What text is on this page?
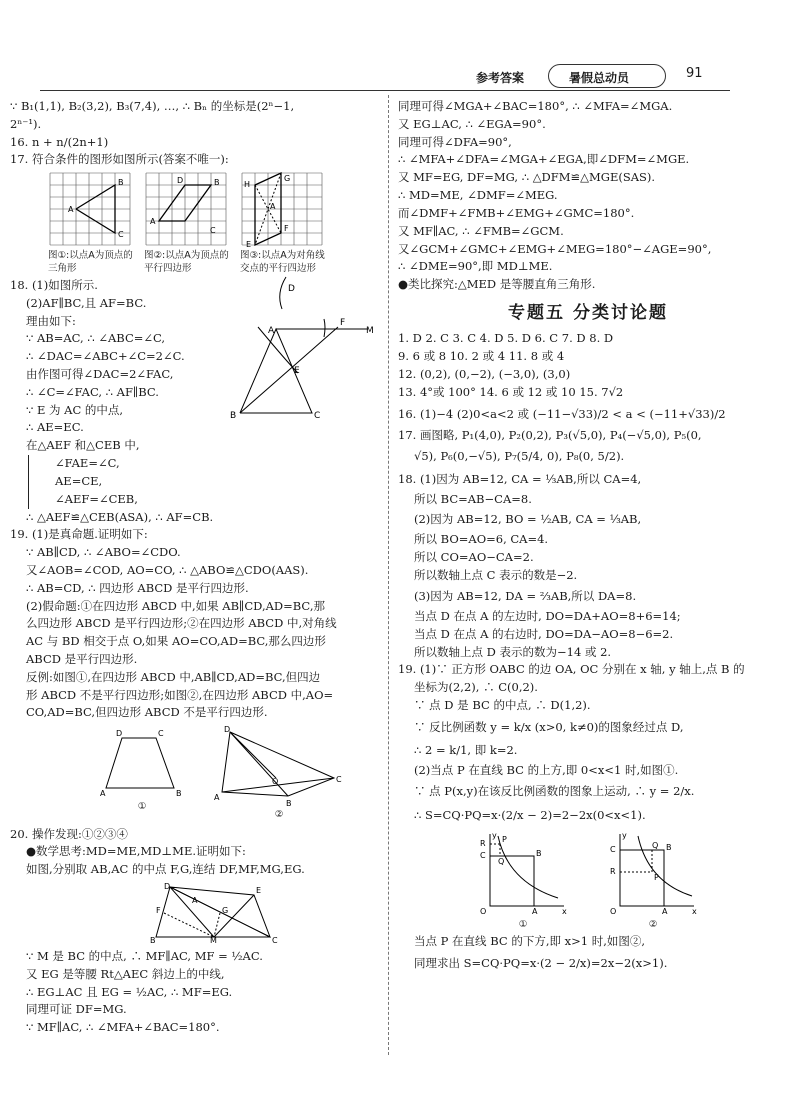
参考答案	暑假总动员	91

∵ B₁(1,1), B₂(3,2), B₃(7,4), …, ∴ Bₙ 的坐标是(2ⁿ−1,

2ⁿ⁻¹).

16. n + n/(2n+1)

17. 符合条件的图形如图所示(答案不唯一):

A
B
C
图①:以点A为顶点的三角形
A
D	B
C
图②:以点A为顶点的平行四边形
H
G
A
F
E
图③:以点A为对角线交点的平行四边形

18. (1)如图所示.

(2)AF∥BC,且 AF=BC.

理由如下:

∵ AB=AC, ∴ ∠ABC=∠C,

∴ ∠DAC=∠ABC+∠C=2∠C.

由作图可得∠DAC=2∠FAC,

∴ ∠C=∠FAC, ∴ AF∥BC.

∵ E 为 AC 的中点,

∴ AE=EC.

在△AEF 和△CEB 中,

∠FAE=∠C,

AE=CE,

∠AEF=∠CEB,

∴ △AEF≌△CEB(ASA), ∴ AF=CB.

A
B	C
D
E
F
M

19. (1)是真命题.证明如下:

∵ AB∥CD, ∴ ∠ABO=∠CDO.

又∠AOB=∠COD, AO=CO, ∴ △ABO≌△CDO(AAS).

∴ AB=CD, ∴ 四边形 ABCD 是平行四边形.

(2)假命题:①在四边形 ABCD 中,如果 AB∥CD,AD=BC,那

么四边形 ABCD 是平行四边形;②在四边形 ABCD 中,对角线

AC 与 BD 相交于点 O,如果 AO=CO,AD=BC,那么四边形

ABCD 是平行四边形.

反例:如图①,在四边形 ABCD 中,AB∥CD,AD=BC,但四边

形 ABCD 不是平行四边形;如图②,在四边形 ABCD 中,AO=

CO,AD=BC,但四边形 ABCD 不是平行四边形.

D	C
A	B
①
D
C
A
B
O
②

20. 操作发现:①②③④

●数学思考:MD=ME,MD⊥ME.证明如下:

如图,分别取 AB,AC 的中点 F,G,连结 DF,MF,MG,EG.

D	E
B	M	C
F	G
A

∵ M 是 BC 的中点, ∴ MF∥AC, MF = ½AC.

又 EG 是等腰 Rt△AEC 斜边上的中线,

∴ EG⊥AC 且 EG = ½AC, ∴ MF=EG.

同理可证 DF=MG.

∵ MF∥AC, ∴ ∠MFA+∠BAC=180°.

同理可得∠MGA+∠BAC=180°, ∴ ∠MFA=∠MGA.

又 EG⊥AC, ∴ ∠EGA=90°.

同理可得∠DFA=90°,

∴ ∠MFA+∠DFA=∠MGA+∠EGA,即∠DFM=∠MGE.

又 MF=EG, DF=MG, ∴ △DFM≌△MGE(SAS).

∴ MD=ME, ∠DMF=∠MEG.

而∠DMF+∠FMB+∠EMG+∠GMC=180°.

又 MF∥AC, ∴ ∠FMB=∠GCM.

又∠GCM+∠GMC+∠EMG+∠MEG=180°−∠AGE=90°,

∴ ∠DME=90°,即 MD⊥ME.

●类比探究:△MED 是等腰直角三角形.

专题五 分类讨论题

1. D 2. C 3. C 4. D 5. D 6. C 7. D 8. D

9. 6 或 8 10. 2 或 4 11. 8 或 4

12. (0,2), (0,−2), (−3,0), (3,0)

13. 4°或 100° 14. 6 或 12 或 10 15. 7√2

16. (1)−4 (2)0<a<2 或 (−11−√33)/2 < a < (−11+√33)/2

17. 画图略, P₁(4,0), P₂(0,2), P₃(√5,0), P₄(−√5,0), P₅(0,

√5), P₆(0,−√5), P₇(5/4, 0), P₈(0, 5/2).

18. (1)因为 AB=12, CA = ⅓AB,所以 CA=4,

所以 BC=AB−CA=8.

(2)因为 AB=12, BO = ½AB, CA = ⅓AB,

所以 BO=AO=6, CA=4.

所以 CO=AO−CA=2.

所以数轴上点 C 表示的数是−2.

(3)因为 AB=12, DA = ⅔AB,所以 DA=8.

当点 D 在点 A 的左边时, DO=DA+AO=8+6=14;

当点 D 在点 A 的右边时, DO=DA−AO=8−6=2.

所以数轴上点 D 表示的数为−14 或 2.

19. (1)∵ 正方形 OABC 的边 OA, OC 分别在 x 轴, y 轴上,点 B 的

坐标为(2,2), ∴ C(0,2).

∵ 点 D 是 BC 的中点, ∴ D(1,2).

∵ 反比例函数 y = k/x (x>0, k≠0)的图象经过点 D,

∴ 2 = k/1, 即 k=2.

(2)当点 P 在直线 BC 的上方,即 0<x<1 时,如图①.

∵ 点 P(x,y)在该反比例函数的图象上运动, ∴ y = 2/x.

∴ S=CQ·PQ=x·(2/x − 2)=2−2x(0<x<1).

R
C
O	A
B
P
Q
x
y
①
C
R
O	A
B
Q
P
x
y
②

当点 P 在直线 BC 的下方,即 x>1 时,如图②,

同理求出 S=CQ·PQ=x·(2 − 2/x)=2x−2(x>1).
